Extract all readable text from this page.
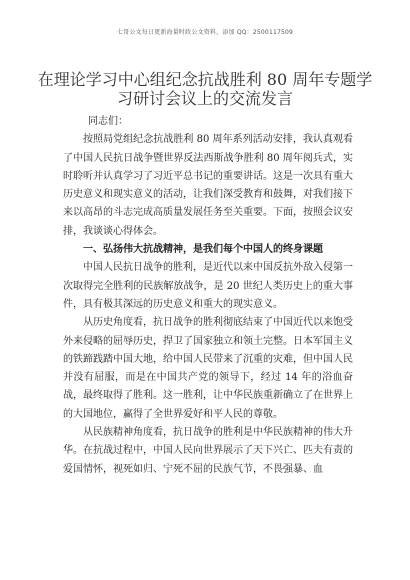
七哥公文每日更新海量时政公文资料，添加 QQ：2500117509
在理论学习中心组纪念抗战胜利 80 周年专题学习研讨会议上的交流发言

同志们：

按照局党组纪念抗战胜利 80 周年系列活动安排，我认真观看了中国人民抗日战争暨世界反法西斯战争胜利 80 周年阅兵式，实时聆听并认真学习了习近平总书记的重要讲话。这是一次具有重大历史意义和现实意义的活动，让我们深受教育和鼓舞，对我们接下来以高昂的斗志完成高质量发展任务至关重要。下面，按照会议安排，我谈谈心得体会。

一、弘扬伟大抗战精神，是我们每个中国人的终身课题

中国人民抗日战争的胜利，是近代以来中国反抗外敌入侵第一次取得完全胜利的民族解放战争，是 20 世纪人类历史上的重大事件，具有极其深远的历史意义和重大的现实意义。

从历史角度看，抗日战争的胜利彻底结束了中国近代以来饱受外来侵略的屈辱历史，捍卫了国家独立和领土完整。日本军国主义的铁蹄践踏中国大地，给中国人民带来了沉重的灾难，但中国人民并没有屈服，而是在中国共产党的领导下，经过 14 年的浴血奋战，最终取得了胜利。这一胜利，让中华民族重新确立了在世界上的大国地位，赢得了全世界爱好和平人民的尊敬。

从民族精神角度看，抗日战争的胜利是中华民族精神的伟大升华。在抗战过程中，中国人民向世界展示了天下兴亡、匹夫有责的爱国情怀，视死如归、宁死不屈的民族气节，不畏强暴、血
